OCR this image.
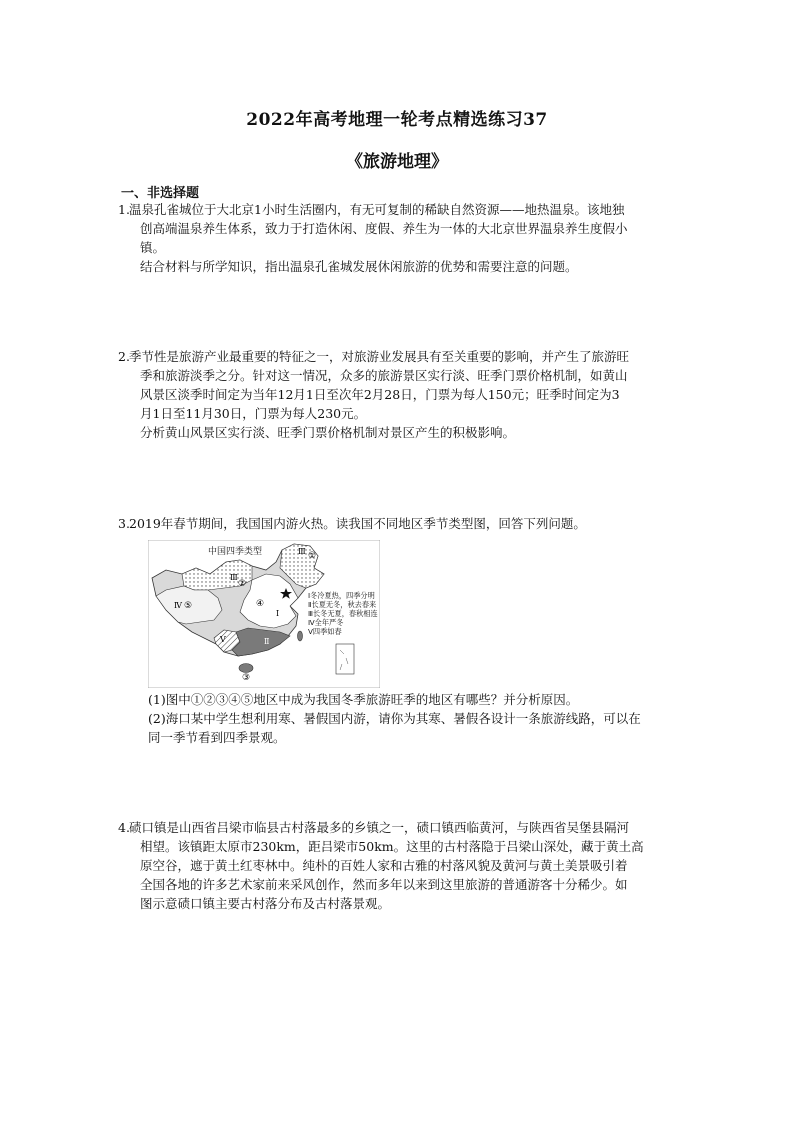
2022年高考地理一轮考点精选练习37
《旅游地理》
一、非选择题
1. 温泉孔雀城位于大北京1小时生活圈内，有无可复制的稀缺自然资源——地热温泉。该地独
创高端温泉养生体系，致力于打造休闲、度假、养生为一体的大北京世界温泉养生度假小
镇。
结合材料与所学知识，指出温泉孔雀城发展休闲旅游的优势和需要注意的问题。
2. 季节性是旅游产业最重要的特征之一，对旅游业发展具有至关重要的影响，并产生了旅游旺
季和旅游淡季之分。针对这一情况，众多的旅游景区实行淡、旺季门票价格机制，如黄山
风景区淡季时间定为当年12月1日至次年2月28日，门票为每人150元；旺季时间定为3
月1日至11月30日，门票为每人230元。
分析黄山风景区实行淡、旺季门票价格机制对景区产生的积极影响。
3. 2019年春节期间，我国国内游火热。读我国不同地区季节类型图，回答下列问题。
中国四季类型	Ⅲ
Ⅲ
Ⅳ
Ⅰ
Ⅴ	Ⅱ
①
②
③
④
⑤
Ⅰ冬冷夏热，四季分明
Ⅱ长夏无冬，秋去春来
Ⅲ长冬无夏，春秋相连
Ⅳ全年严冬
Ⅴ四季如春
(1)图中①②③④⑤地区中成为我国冬季旅游旺季的地区有哪些？并分析原因。
(2)海口某中学生想利用寒、暑假国内游，请你为其寒、暑假各设计一条旅游线路，可以在
同一季节看到四季景观。
4. 碛口镇是山西省吕梁市临县古村落最多的乡镇之一，碛口镇西临黄河，与陕西省吴堡县隔河
相望。该镇距太原市230km，距吕梁市50km。这里的古村落隐于吕梁山深处，藏于黄土高
原空谷，遮于黄土红枣林中。纯朴的百姓人家和古雅的村落风貌及黄河与黄土美景吸引着
全国各地的许多艺术家前来采风创作，然而多年以来到这里旅游的普通游客十分稀少。如
图示意碛口镇主要古村落分布及古村落景观。
